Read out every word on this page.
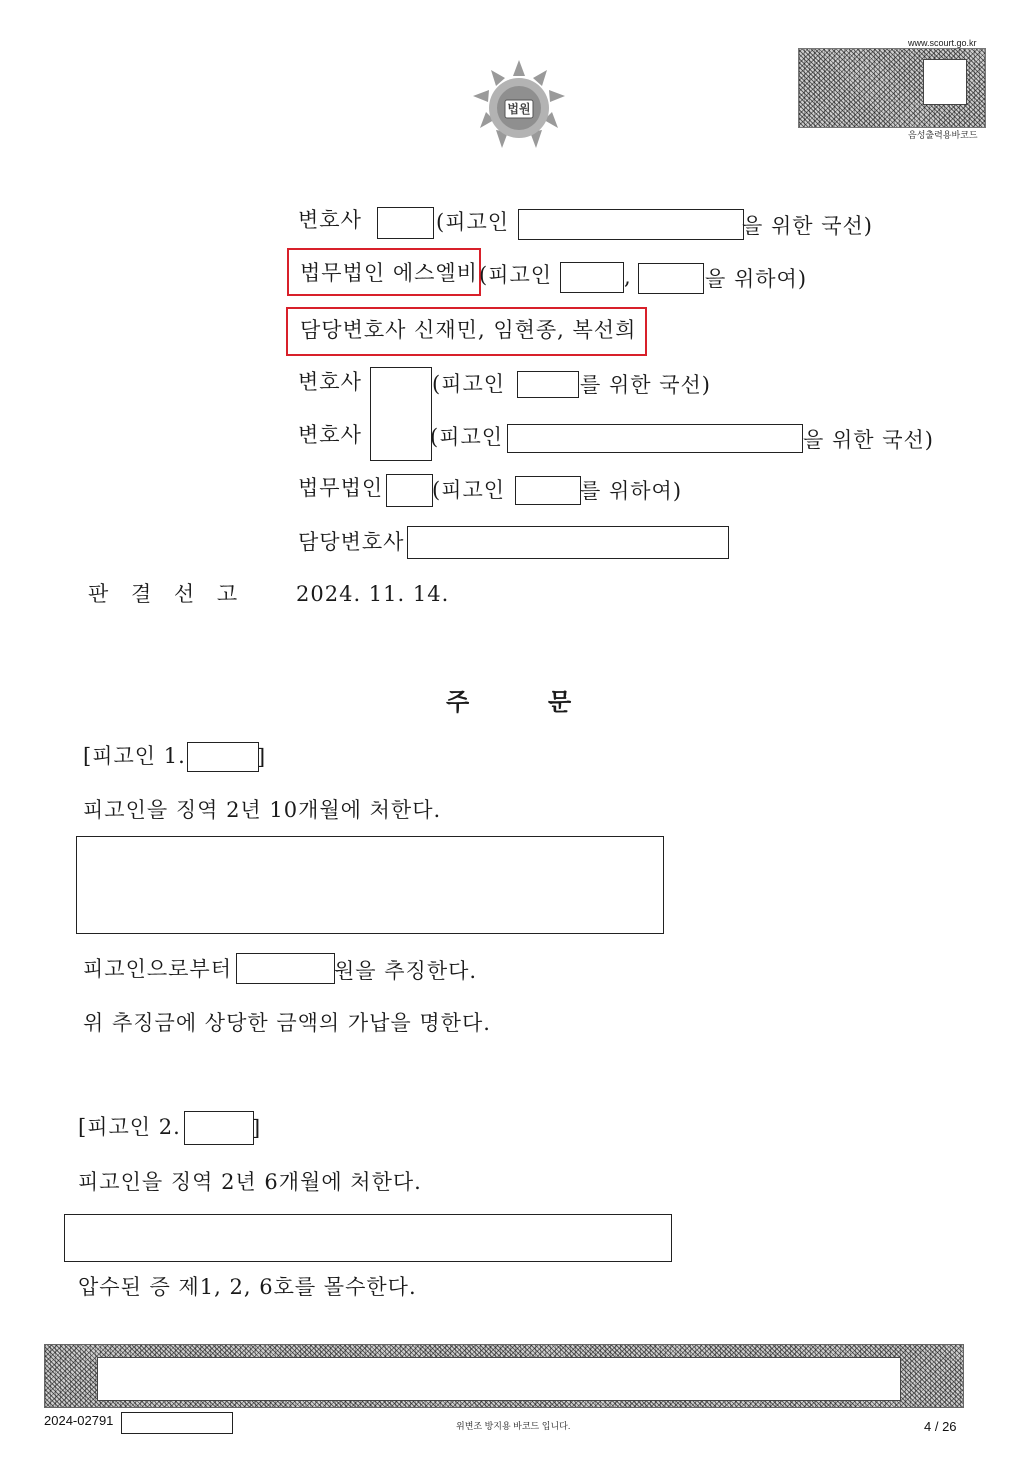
법원
www.scourt.go.kr
음성출력용바코드
변호사	(피고인	을 위한 국선)
법무법인 에스엘비 (피고인	,	을 위하여)
담당변호사 신재민, 임현종, 복선희
변호사	(피고인	를 위한 국선)
변호사	(피고인	을 위한 국선)
법무법인 (피고인	를 위하여)
담당변호사
판 결 선 고 2024. 11. 14.
주	문
[피고인 1.	]
피고인을 징역 2년 10개월에 처한다.
피고인으로부터	원을 추징한다.
위 추징금에 상당한 금액의 가납을 명한다.
[피고인 2.	]
피고인을 징역 2년 6개월에 처한다.
압수된 증 제1, 2, 6호를 몰수한다.
2024-02791	위변조 방지용 바코드 입니다.	4 / 26
